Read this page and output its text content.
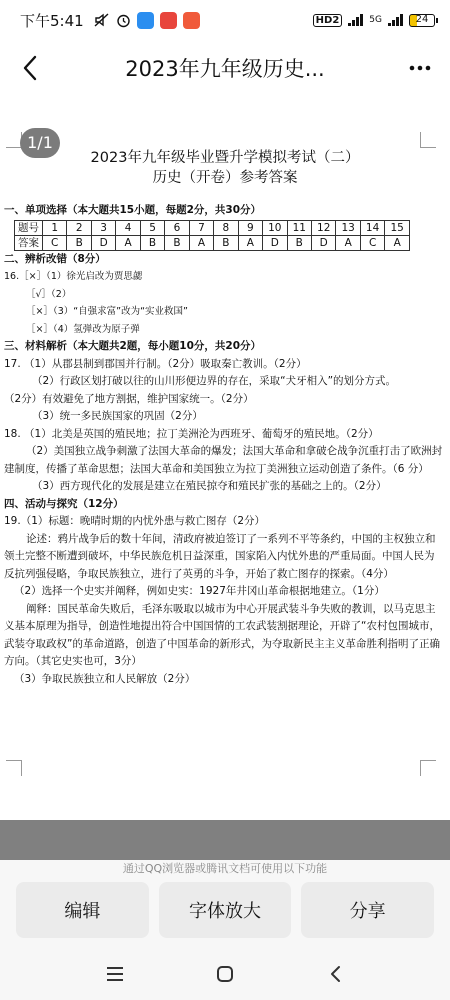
下午5:41	HD2	5G	24
2023年九年级历史...
1/1
2023年九年级毕业暨升学模拟考试（二）
历史（开卷）参考答案
一、单项选择（本大题共15小题，每题2分，共30分）
题号	1	2	3	4	5	6	7	8	9	10	11	12	13	14	15
答案	C	B	D	A	B	B	A	B	A	D	B	D	A	C	A
二、辨析改错（8分）
16.［×］（1）徐光启改为贾思勰
［√］（2）
［×］（3）“自强求富”改为“实业救国”
［×］（4）氢弹改为原子弹
三、材料解析（本大题共2题，每小题10分，共20分）
17. （1）从郡县制到郡国并行制。（2分）吸取秦亡教训。（2分）
（2）行政区划打破以往的山川形便边界的存在，采取“犬牙相入”的划分方式。
（2分）有效避免了地方割据，维护国家统一。（2分）
（3）统一多民族国家的巩固（2分）
18. （1）北美是英国的殖民地；拉丁美洲沦为西班牙、葡萄牙的殖民地。（2分）
（2）美国独立战争刺激了法国大革命的爆发；法国大革命和拿破仑战争沉重打击了欧洲封建制度，传播了革命思想；法国大革命和美国独立为拉丁美洲独立运动创造了条件。（6 分）
（3）西方现代化的发展是建立在殖民掠夺和殖民扩张的基础之上的。（2分）
四、活动与探究（12分）
19.（1）标题：晚晴时期的内忧外患与救亡图存（2分）
论述：鸦片战争后的数十年间，清政府被迫签订了一系列不平等条约，中国的主权独立和领土完整不断遭到破坏，中华民族危机日益深重，国家陷入内忧外患的严重局面。中国人民为反抗列强侵略，争取民族独立，进行了英勇的斗争，开始了救亡图存的探索。（4分）
（2）选择一个史实并阐释，例如史实：1927年井冈山革命根据地建立。（1分）
阐释：国民革命失败后，毛泽东吸取以城市为中心开展武装斗争失败的教训，以马克思主义基本原理为指导，创造性地提出符合中国国情的工农武装割据理论，开辟了“农村包围城市，武装夺取政权”的革命道路，创造了中国革命的新形式，为夺取新民主主义革命胜利指明了正确方向。（其它史实也可，3分）
（3）争取民族独立和人民解放（2分）
通过QQ浏览器或腾讯文档可使用以下功能
编辑	字体放大	分享
